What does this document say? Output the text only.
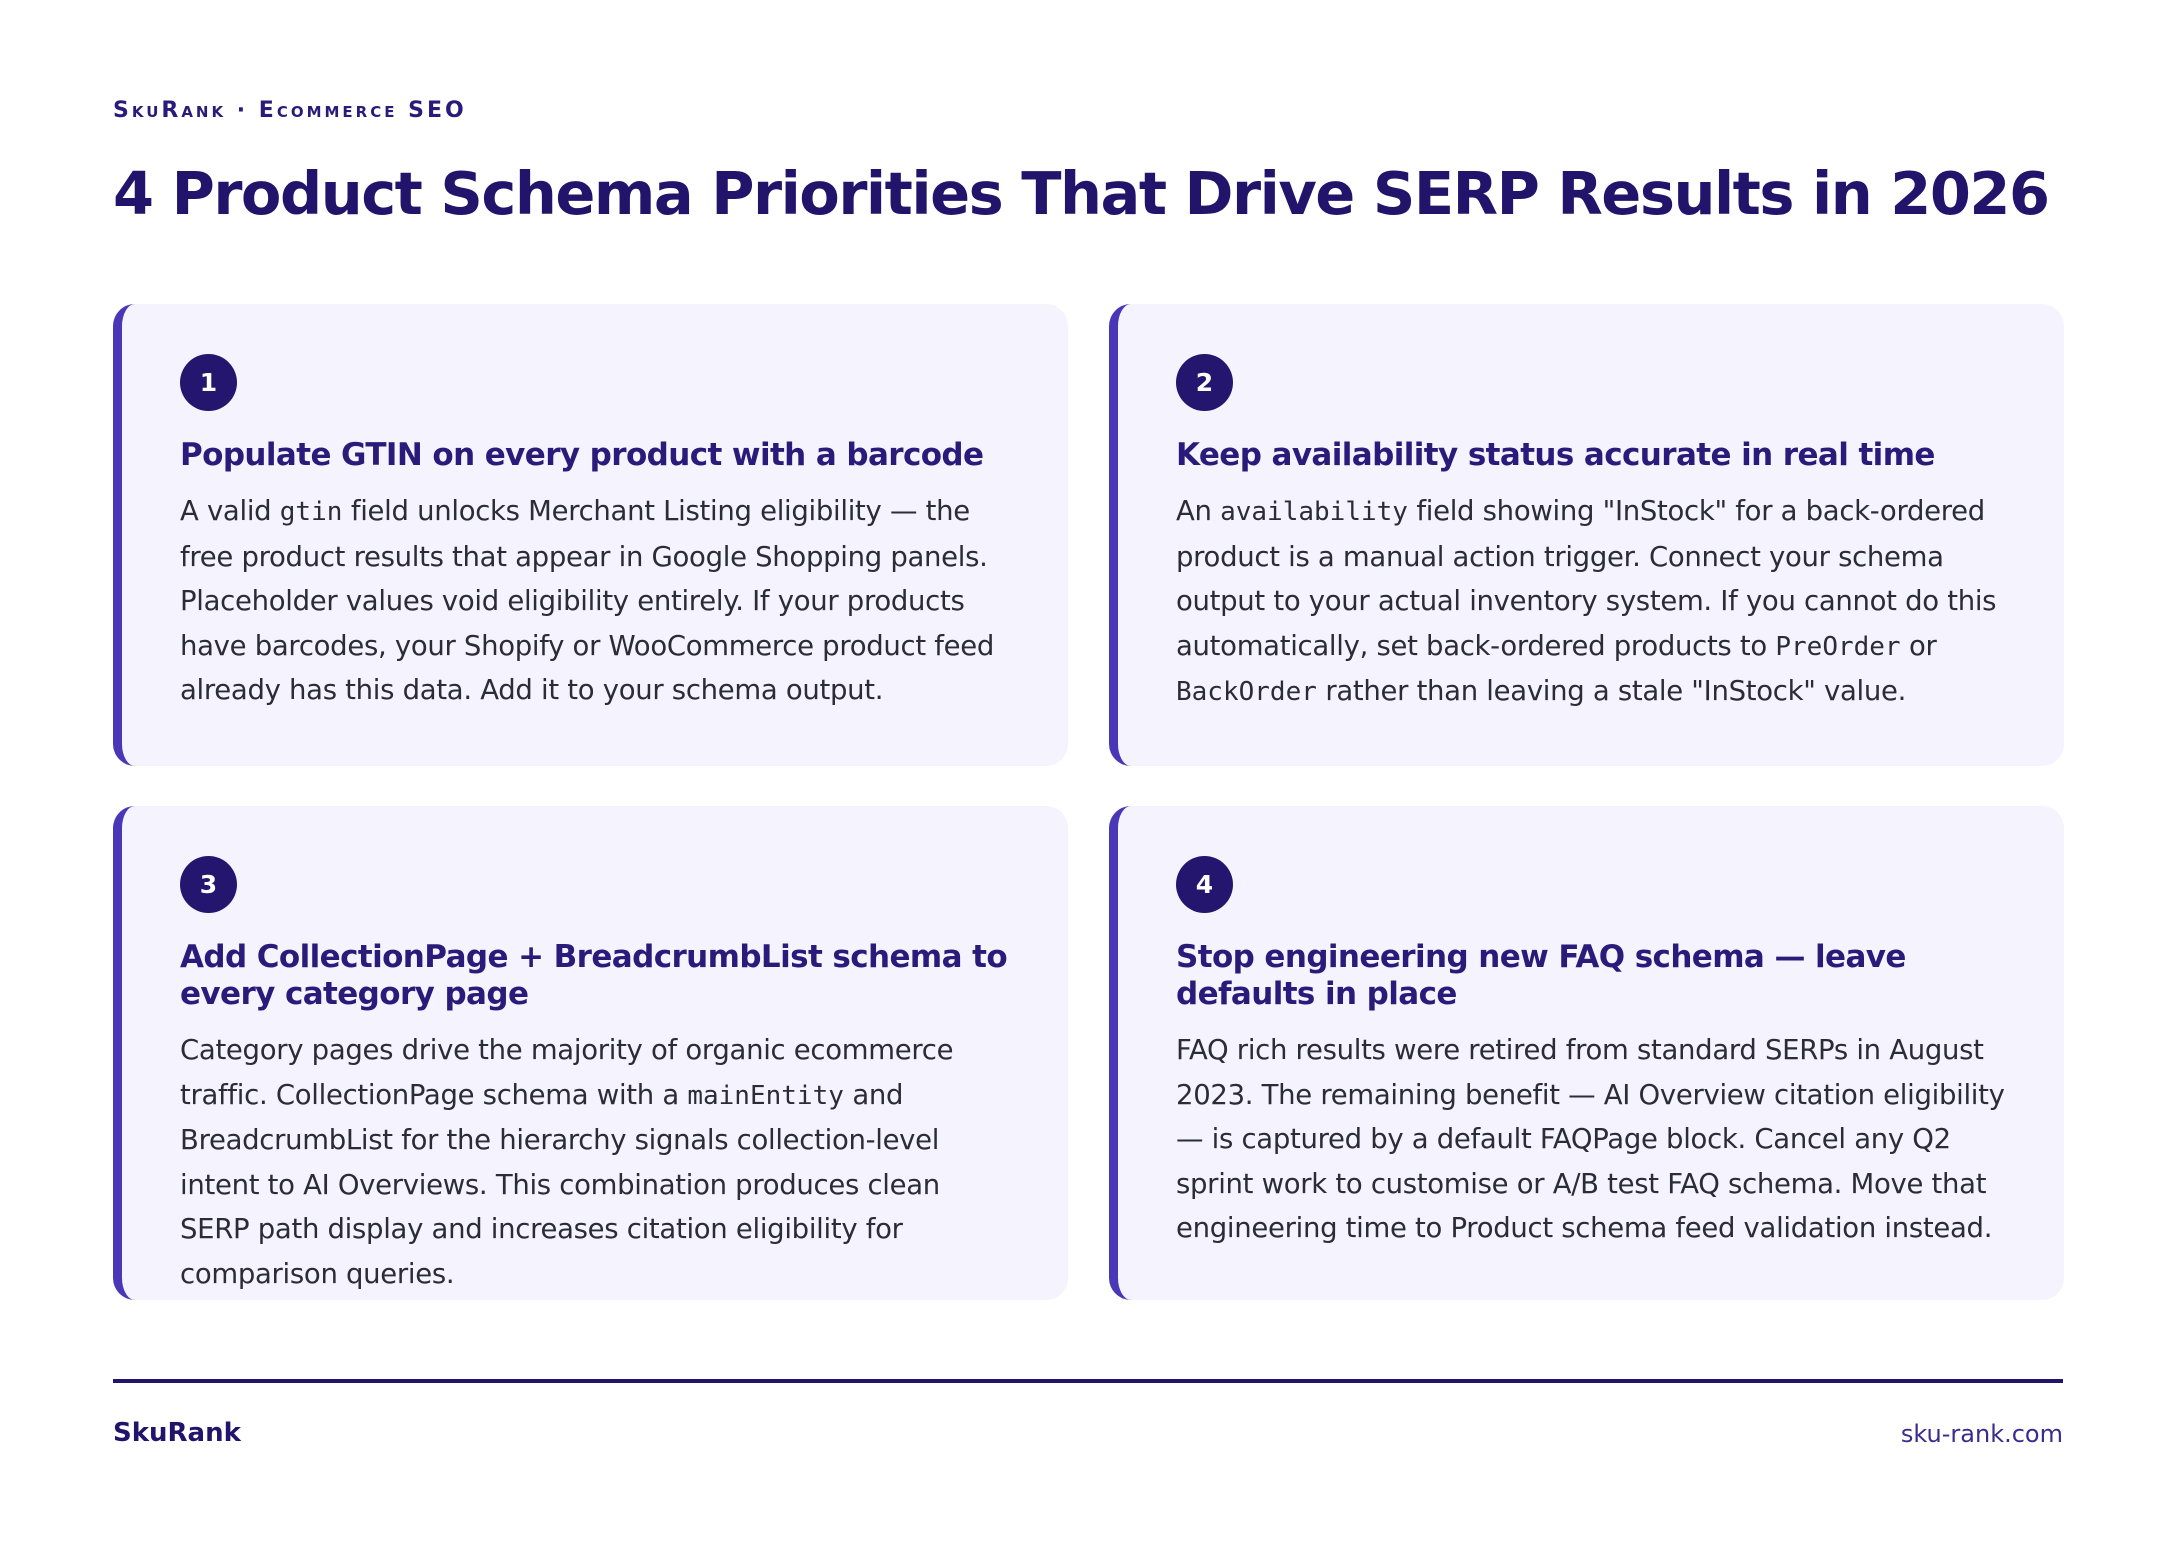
SkuRank · Ecommerce SEO
4 Product Schema Priorities That Drive SERP Results in 2026
1
Populate GTIN on every product with a barcode

A valid gtin field unlocks Merchant Listing eligibility — the free product results that appear in Google Shopping panels. Placeholder values void eligibility entirely. If your products have barcodes, your Shopify or WooCommerce product feed already has this data. Add it to your schema output.

2
Keep availability status accurate in real time

An availability field showing "InStock" for a back-ordered product is a manual action trigger. Connect your schema output to your actual inventory system. If you cannot do this automatically, set back-ordered products to PreOrder or BackOrder rather than leaving a stale "InStock" value.

3
Add CollectionPage + BreadcrumbList schema to every category page

Category pages drive the majority of organic ecommerce traffic. CollectionPage schema with a mainEntity and BreadcrumbList for the hierarchy signals collection-level intent to AI Overviews. This combination produces clean SERP path display and increases citation eligibility for comparison queries.

4
Stop engineering new FAQ schema — leave defaults in place

FAQ rich results were retired from standard SERPs in August 2023. The remaining benefit — AI Overview citation eligibility — is captured by a default FAQPage block. Cancel any Q2 sprint work to customise or A/B test FAQ schema. Move that engineering time to Product schema feed validation instead.

SkuRank	sku-rank.com
